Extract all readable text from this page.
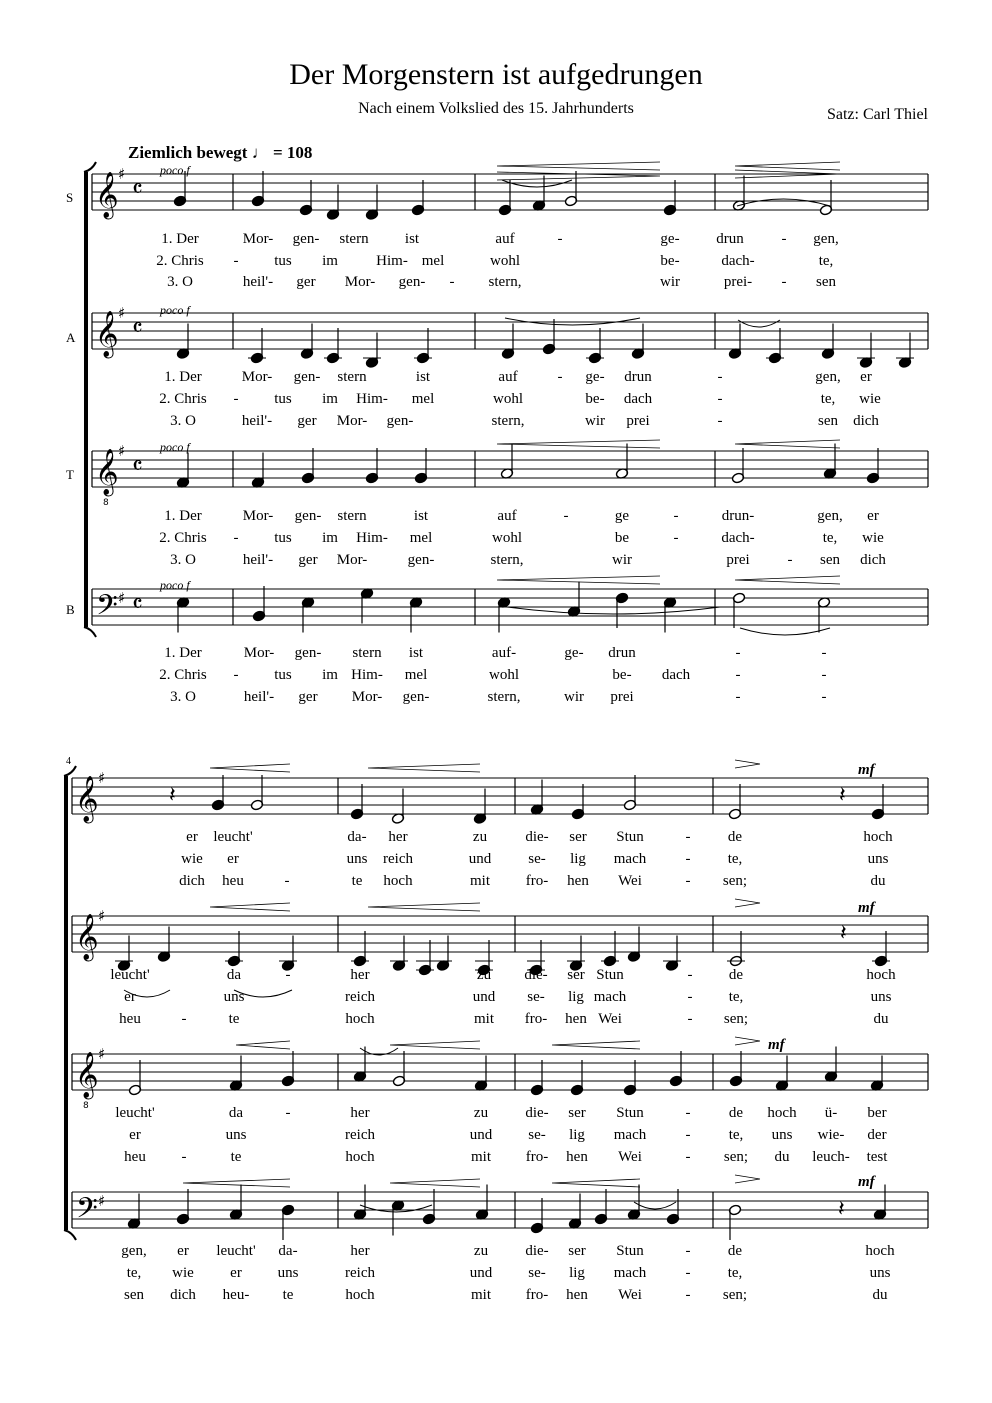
Der Morgenstern ist aufgedrungen
Nach einem Volkslied des 15. Jahrhunderts	Satz: Carl Thiel
Ziemlich bewegt ♩ = 108
S
A
T
B
4
poco f
poco f
poco f
poco f
mf
mf
mf
mf
𝄞 ♯
𝄴
𝄞 ♯
𝄴
𝄞
8
♯
𝄴
𝄢 ♯ 𝄴
𝄞 ♯
𝄞 ♯
𝄞
8
♯
𝄢 ♯
𝄽	𝄽
𝄽
𝄽
1. Der	Mor- gen- stern ist	auf	-	ge- drun	- gen,
2. Chris - tus im	Him- mel	wohl	be-	dach-	te,
3. O	heil'- ger Mor- gen- - stern,	wir	prei- - sen
1. Der	Mor- gen- stern	ist	auf	- ge- drun	-	gen, er
2. Chris - tus im Him- mel	wohl	be- dach	-	te, wie
3. O	heil'- ger Mor- gen-	stern,	wir prei	-	sen dich
1. Der	Mor- gen- stern	ist	auf	-	ge	-	drun-	gen, er
2. Chris - tus im Him- mel	wohl	be	-	dach-	te, wie
3. O	heil'- ger Mor-	gen-	stern,	wir	prei	- sen dich
1. Der	Mor- gen- stern ist	auf-	ge- drun	-	-
2. Chris - tus im Him- mel	wohl	be- dach	-	-
3. O	heil'- ger Mor- gen-	stern,	wir prei	-	-
er leucht'	da- her	zu	die- ser Stun	- de	hoch
wie er	uns reich	und se- lig mach	- te,	uns
dich heu	-	te hoch	mit fro- hen Wei	- sen;	du
leucht'	da	-	her	zu die- ser Stun	- de	hoch
er	uns	reich	und se- lig mach	- te,	uns
heu	-	te	hoch	mit fro- hen Wei	- sen;	du
leucht'	da	-	her	zu die- ser Stun	-	de hoch ü- ber
er	uns	reich	und se- lig mach	-	te, uns wie- der
heu -	te	hoch	mit fro- hen Wei	- sen; du leuch- test
gen, er leucht' da-	her	zu die- ser Stun	- de	hoch
te, wie er uns	reich	und se- lig mach	- te,	uns
sen dich heu- te	hoch	mit fro- hen Wei	- sen;	du
